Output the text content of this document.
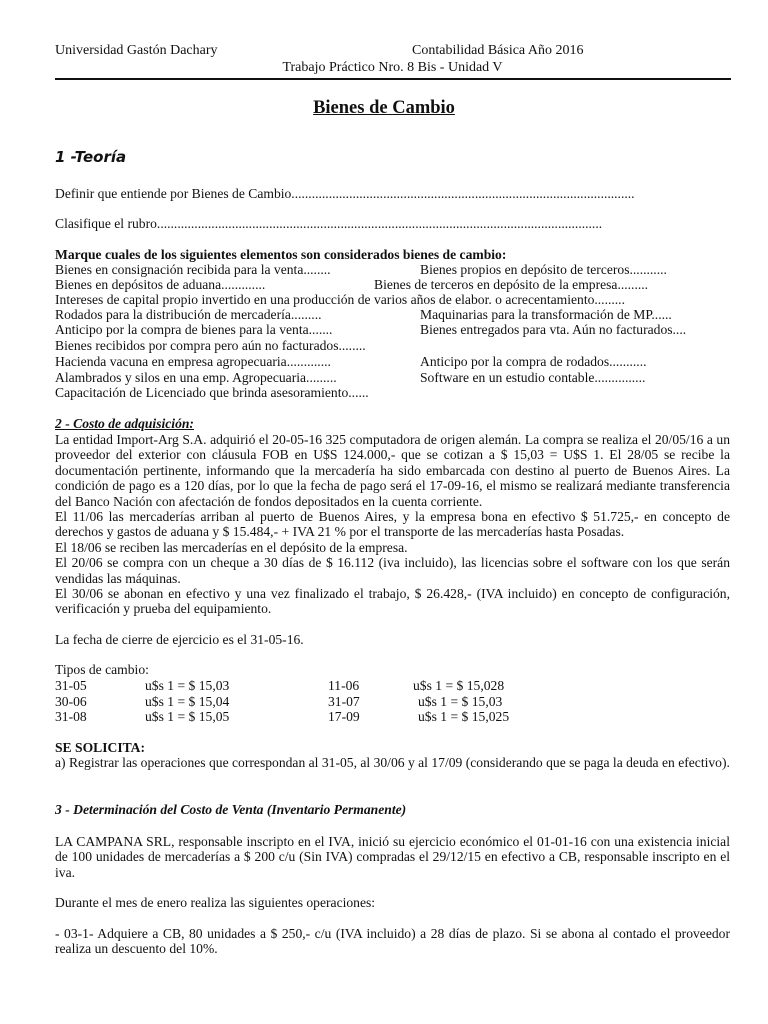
Universidad Gastón Dachary	Contabilidad Básica Año 2016
Trabajo Práctico Nro. 8 Bis - Unidad V
Bienes de Cambio
1 -Teoría
Definir que entiende por Bienes de Cambio.....................................................................................................
Clasifique el rubro...................................................................................................................................
Marque cuales de los siguientes elementos son considerados bienes de cambio:
Bienes en consignación recibida para la venta........	Bienes propios en depósito de terceros...........
Bienes en depósitos de aduana.............	Bienes de terceros en depósito de la empresa.........
Intereses de capital propio invertido en una producción de varios años de elabor. o acrecentamiento.........
Rodados para la distribución de mercadería.........	Maquinarias para la transformación de MP......
Anticipo por la compra de bienes para la venta.......	Bienes entregados para vta. Aún no facturados....
Bienes recibidos por compra pero aún no facturados........
Hacienda vacuna en empresa agropecuaria.............	Anticipo por la compra de rodados...........
Alambrados y silos en una emp. Agropecuaria.........	Software en un estudio contable...............
Capacitación de Licenciado que brinda asesoramiento......
2 - Costo de adquisición:

La entidad Import-Arg S.A. adquirió el 20-05-16 325 computadora de origen alemán. La compra se realiza el 20/05/16 a un proveedor del exterior con cláusula FOB en U$S 124.000,- que se cotizan a $ 15,03 = U$S 1. El 28/05 se recibe la documentación pertinente, informando que la mercadería ha sido embarcada con destino al puerto de Buenos Aires. La condición de pago es a 120 días, por lo que la fecha de pago será el 17-09-16, el mismo se realizará mediante transferencia del Banco Nación con afectación de fondos depositados en la cuenta corriente.

El 11/06 las mercaderías arriban al puerto de Buenos Aires, y la empresa bona en efectivo $ 51.725,- en concepto de derechos y gastos de aduana y $ 15.484,- + IVA 21 % por el transporte de las mercaderías hasta Posadas.

El 18/06 se reciben las mercaderías en el depósito de la empresa.

El 20/06 se compra con un cheque a 30 días de $ 16.112 (iva incluido), las licencias sobre el software con los que serán vendidas las máquinas.

El 30/06 se abonan en efectivo y una vez finalizado el trabajo, $ 26.428,- (IVA incluido) en concepto de configuración, verificación y prueba del equipamiento.

La fecha de cierre de ejercicio es el 31-05-16.
Tipos de cambio:
31-05	u$s 1 = $ 15,03	11-06	u$s 1 = $ 15,028
30-06	u$s 1 = $ 15,04	31-07	u$s 1 = $ 15,03
31-08	u$s 1 = $ 15,05	17-09	u$s 1 = $ 15,025
SE SOLICITA:
a) Registrar las operaciones que correspondan al 31-05, al 30/06 y al 17/09 (considerando que se paga la deuda en efectivo).
3 - Determinación del Costo de Venta (Inventario Permanente)
LA CAMPANA SRL, responsable inscripto en el IVA, inició su ejercicio económico el 01-01-16 con una existencia inicial de 100 unidades de mercaderías a $ 200 c/u (Sin IVA) compradas el 29/12/15 en efectivo a CB, responsable inscripto en el iva.
Durante el mes de enero realiza las siguientes operaciones:
- 03-1- Adquiere a CB, 80 unidades a $ 250,- c/u (IVA incluido) a 28 días de plazo. Si se abona al contado el proveedor realiza un descuento del 10%.
